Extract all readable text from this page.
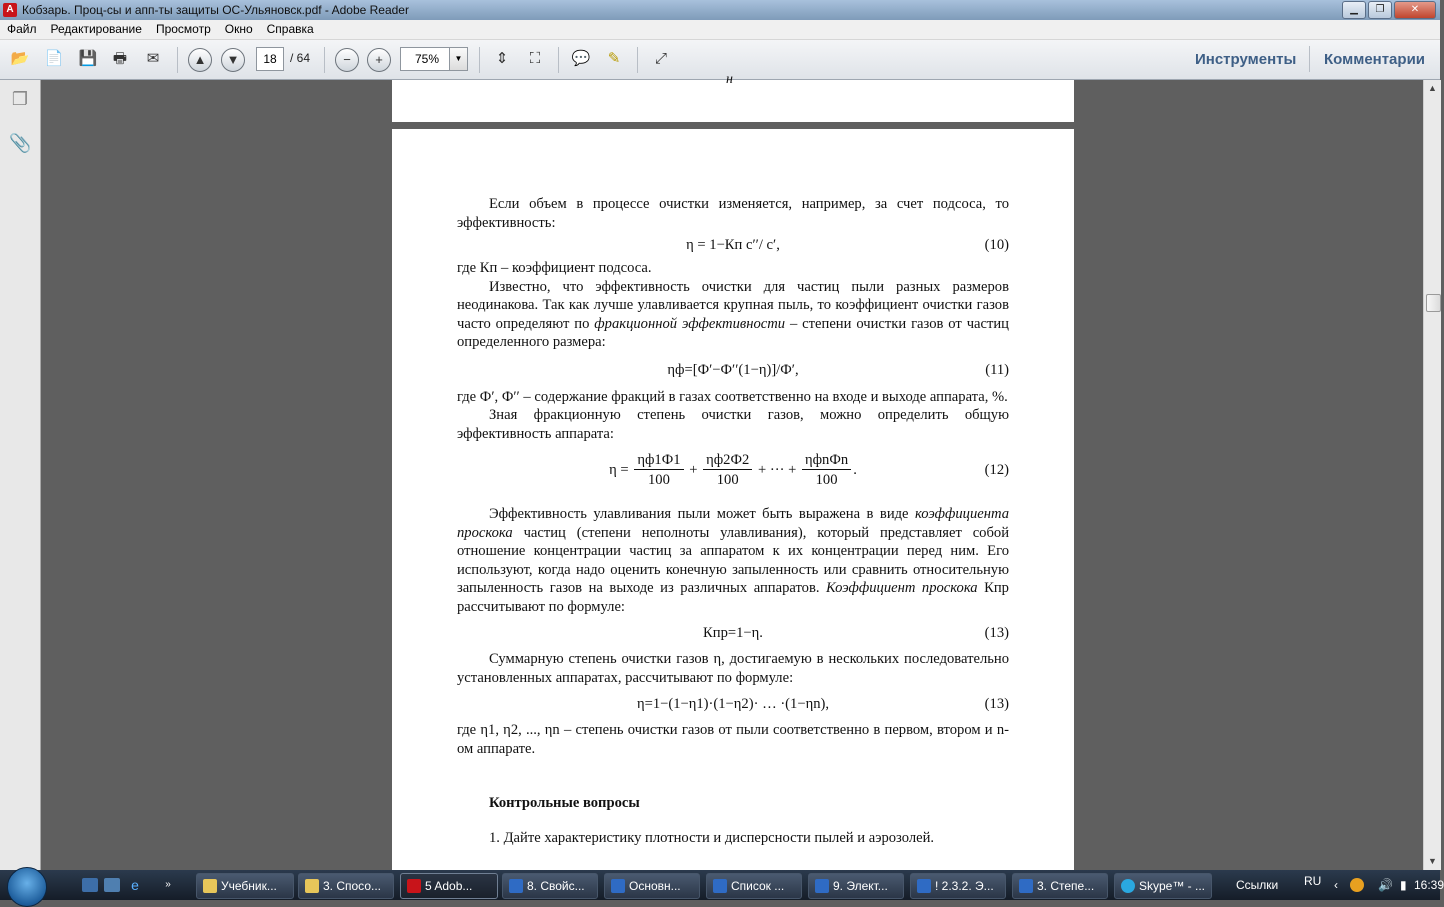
A Кобзарь. Проц-сы и апп-ты защиты ОС-Ульяновск.pdf - Adobe Reader	▁	❐	✕
Файл Редактирование Просмотр Окно Справка
📂 📄 💾	🖶	✉	▲	▼	−	+	⇕	⛶	💬	✎	⤢
18	/ 64	75%	▼	Инструменты Комментарии
❐
📎
н

Если объем в процессе очистки изменяется, например, за счет подсоса, то эффективность:

η = 1−Кп с′′/ с′,	(10)

где Кп – коэффициент подсоса.

Известно, что эффективность очистки для частиц пыли разных размеров неодинакова. Так как лучше улавливается крупная пыль, то коэффициент очистки газов часто определяют по фракционной эффективности – степени очистки газов от частиц определенного размера:

ηф=[Ф′−Ф′′(1−η)]/Ф′,	(11)

где Ф′, Ф′′ – содержание фракций в газах соответственно на входе и выходе аппарата, %.

Зная фракционную степень очистки газов, можно определить общую эффективность аппарата:

$\eta = \frac{\eta ф1Ф1}{100} + \frac{\eta ф2Ф2}{100}$ + ··· + $\frac{\text{ηфnФn}}{100}$ .	(12)

Эффективность улавливания пыли может быть выражена в виде коэффициента проскока частиц (степени неполноты улавливания), который представляет собой отношение концентрации частиц за аппаратом к их концентрации перед ним. Его используют, когда надо оценить конечную запыленность или сравнить относительную запыленность газов на выходе из различных аппаратов. Коэффициент проскока Кпр рассчитывают по формуле:

Кпр=1−η.	(13)

Суммарную степень очистки газов η, достигаемую в нескольких последовательно установленных аппаратах, рассчитывают по формуле:

η=1−(1−η1)·(1−η2)· … ·(1−ηn),	(13)

где η1, η2, ..., ηn – степень очистки газов от пыли соответственно в первом, втором и n-ом аппарате.

Контрольные вопросы
1. Дайте характеристику плотности и дисперсности пылей и аэрозолей.
▲
▼
e	»	Учебник...	3. Спосо...	5 Adob...	8. Свойс...	Основн...	Список ...	9. Элект...	! 2.3.2. Э...	3. Степе...	Skype™ - ...	Ссылки RU ‹	🔊 ▮ 16:39
